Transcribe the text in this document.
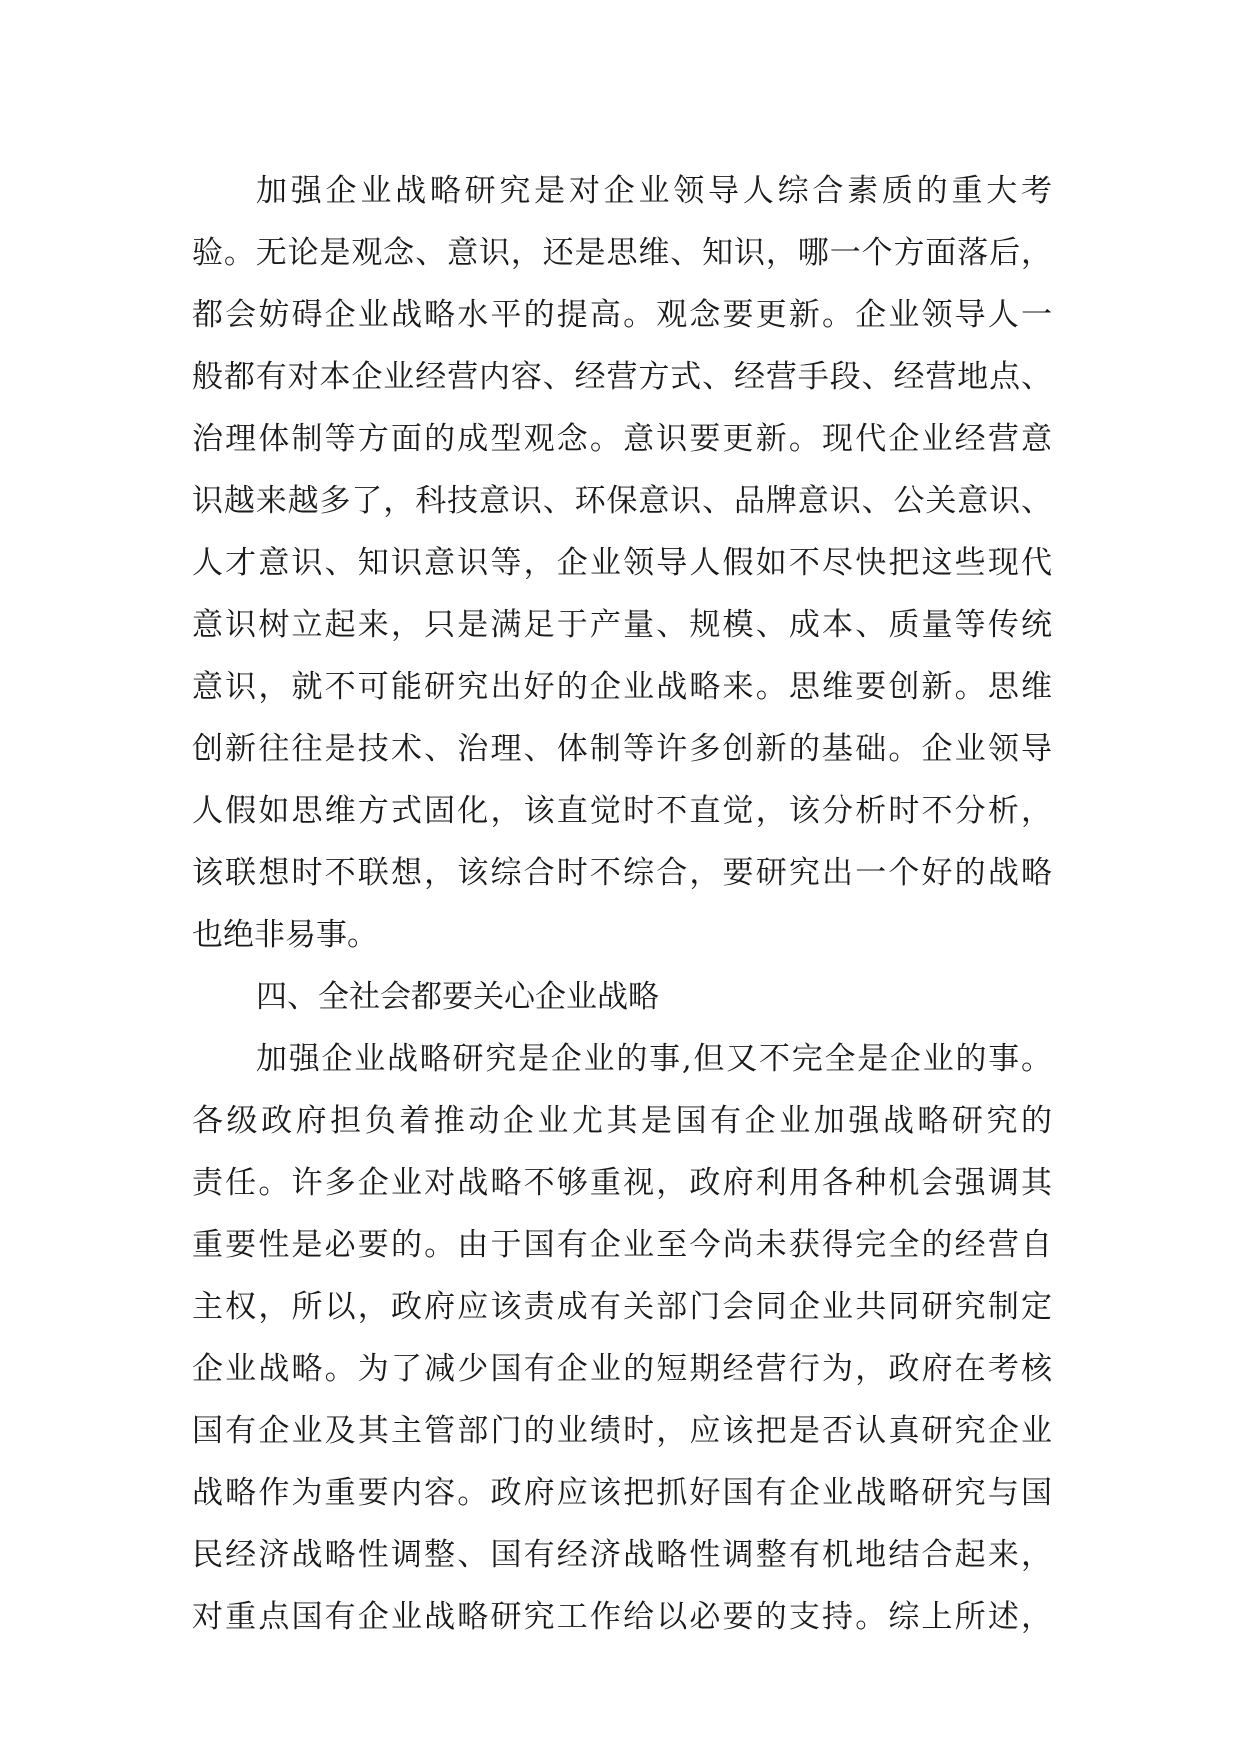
加强企业战略研究是对企业领导人综合素质的重大考
验。无论是观念、意识，还是思维、知识，哪一个方面落后，
都会妨碍企业战略水平的提高。观念要更新。企业领导人一
般都有对本企业经营内容、经营方式、经营手段、经营地点、
治理体制等方面的成型观念。意识要更新。现代企业经营意
识越来越多了，科技意识、环保意识、品牌意识、公关意识、
人才意识、知识意识等，企业领导人假如不尽快把这些现代
意识树立起来，只是满足于产量、规模、成本、质量等传统
意识，就不可能研究出好的企业战略来。思维要创新。思维
创新往往是技术、治理、体制等许多创新的基础。企业领导
人假如思维方式固化，该直觉时不直觉，该分析时不分析，
该联想时不联想，该综合时不综合，要研究出一个好的战略
也绝非易事。
四、全社会都要关心企业战略
加强企业战略研究是企业的事,但又不完全是企业的事。
各级政府担负着推动企业尤其是国有企业加强战略研究的
责任。许多企业对战略不够重视，政府利用各种机会强调其
重要性是必要的。由于国有企业至今尚未获得完全的经营自
主权，所以，政府应该责成有关部门会同企业共同研究制定
企业战略。为了减少国有企业的短期经营行为，政府在考核
国有企业及其主管部门的业绩时，应该把是否认真研究企业
战略作为重要内容。政府应该把抓好国有企业战略研究与国
民经济战略性调整、国有经济战略性调整有机地结合起来，
对重点国有企业战略研究工作给以必要的支持。综上所述，
